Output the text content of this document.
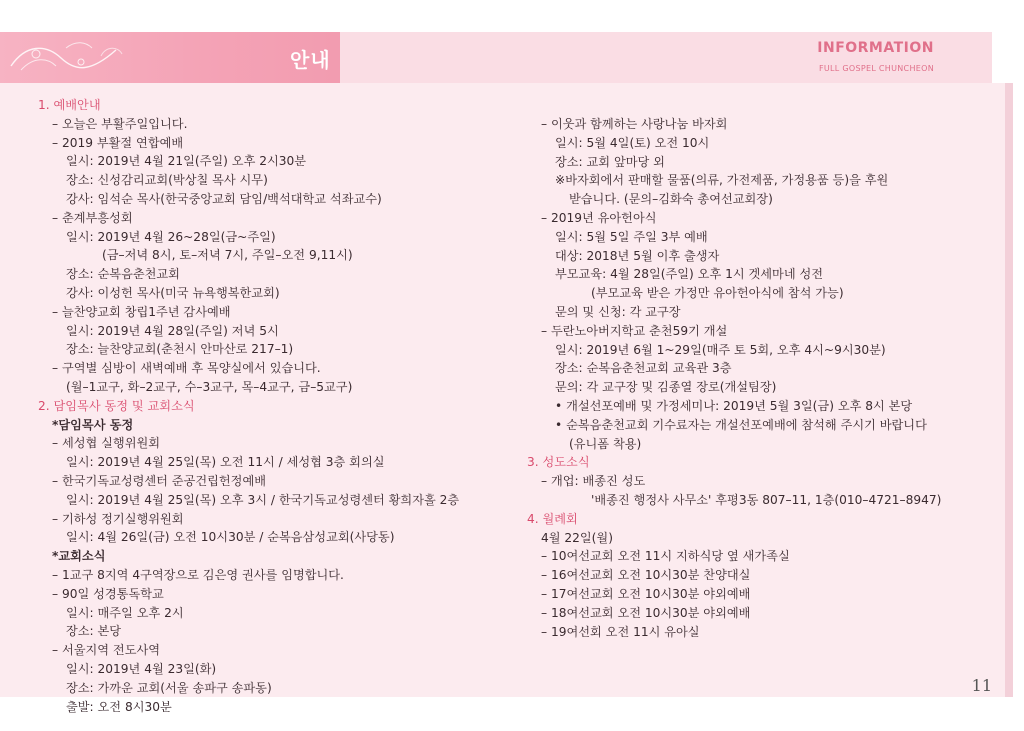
안내	INFORMATION
FULL GOSPEL CHUNCHEON
1. 예배안내
– 오늘은 부활주일입니다.
– 2019 부활절 연합예배
일시: 2019년 4월 21일(주일) 오후 2시30분
장소: 신성감리교회(박상칠 목사 시무)
강사: 임석순 목사(한국중앙교회 담임/백석대학교 석좌교수)
– 춘계부흥성회
일시: 2019년 4월 26~28일(금~주일)
(금–저녁 8시, 토–저녁 7시, 주일–오전 9,11시)
장소: 순복음춘천교회
강사: 이성헌 목사(미국 뉴욕행복한교회)
– 늘찬양교회 창립1주년 감사예배
일시: 2019년 4월 28일(주일) 저녁 5시
장소: 늘찬양교회(춘천시 안마산로 217–1)
– 구역별 심방이 새벽예배 후 목양실에서 있습니다.
(월–1교구, 화–2교구, 수–3교구, 목–4교구, 금–5교구)
2. 담임목사 동정 및 교회소식
*담임목사 동정
– 세성협 실행위원회
일시: 2019년 4월 25일(목) 오전 11시 / 세성협 3층 회의실
– 한국기독교성령센터 준공건립헌정예배
일시: 2019년 4월 25일(목) 오후 3시 / 한국기독교성령센터 황희자홀 2층
– 기하성 정기실행위원회
일시: 4월 26일(금) 오전 10시30분 / 순복음삼성교회(사당동)
*교회소식
– 1교구 8지역 4구역장으로 김은영 권사를 임명합니다.
– 90일 성경통독학교
일시: 매주일 오후 2시
장소: 본당
– 서울지역 전도사역
일시: 2019년 4월 23일(화)
장소: 가까운 교회(서울 송파구 송파동)
출발: 오전 8시30분
– 이웃과 함께하는 사랑나눔 바자회
일시: 5월 4일(토) 오전 10시
장소: 교회 앞마당 외
※바자회에서 판매할 물품(의류, 가전제품, 가정용품 등)을 후원
받습니다. (문의–김화숙 총여선교회장)
– 2019년 유아헌아식
일시: 5월 5일 주일 3부 예배
대상: 2018년 5월 이후 출생자
부모교육: 4월 28일(주일) 오후 1시 겟세마네 성전
(부모교육 받은 가정만 유아헌아식에 참석 가능)
문의 및 신청: 각 교구장
– 두란노아버지학교 춘천59기 개설
일시: 2019년 6월 1~29일(매주 토 5회, 오후 4시~9시30분)
장소: 순복음춘천교회 교육관 3층
문의: 각 교구장 및 김종열 장로(개설팀장)
• 개설선포예배 및 가정세미나: 2019년 5월 3일(금) 오후 8시 본당
• 순복음춘천교회 기수료자는 개설선포예배에 참석해 주시기 바랍니다
(유니폼 착용)
3. 성도소식
– 개업: 배종진 성도
'배종진 행정사 사무소' 후평3동 807–11, 1층(010–4721–8947)
4. 월례회
4월 22일(월)
– 10여선교회 오전 11시 지하식당 옆 새가족실
– 16여선교회 오전 10시30분 찬양대실
– 17여선교회 오전 10시30분 야외예배
– 18여선교회 오전 10시30분 야외예배
– 19여선회 오전 11시 유아실
11
